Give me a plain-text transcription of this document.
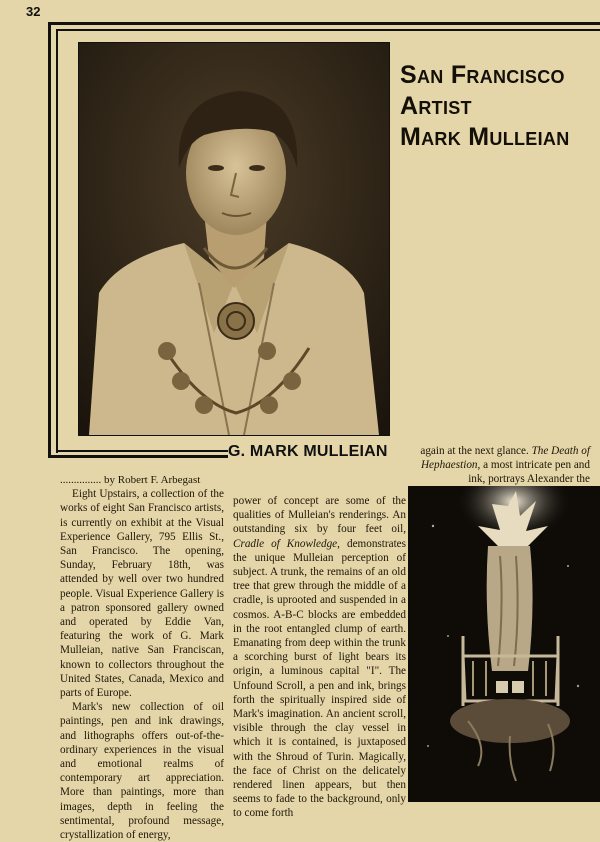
32
San Francisco
Artist
Mark Mulleian
G. MARK MULLEIAN

............... by Robert F. Arbegast

Eight Upstairs, a collection of the works of eight San Francisco artists, is currently on exhibit at the Visual Experience Gallery, 795 Ellis St., San Francisco. The opening, Sunday, February 18th, was attended by well over two hundred people. Visual Experience Gallery is a patron sponsored gallery owned and operated by Eddie Van, featuring the work of G. Mark Mulleian, native San Franciscan, known to collectors throughout the United States, Canada, Mexico and parts of Europe.

Mark's new collection of oil paintings, pen and ink drawings, and lithographs offers out-of-the-ordinary experiences in the visual and emotional realms of contemporary art appreciation. More than paintings, more than images, depth in feeling the sentimental, profound message, crystallization of energy,

power of concept are some of the qualities of Mulleian's renderings. An outstanding six by four feet oil, Cradle of Knowledge, demonstrates the unique Mulleian perception of subject. A trunk, the remains of an old tree that grew through the middle of a cradle, is uprooted and suspended in a cosmos. A-B-C blocks are embedded in the root entangled clump of earth. Emanating from deep within the trunk a scorching burst of light bears its origin, a luminous capital "I". The Unfound Scroll, a pen and ink, brings forth the spiritually inspired side of Mark's imagination. An ancient scroll, visible through the clay vessel in which it is contained, is juxtaposed with the Shroud of Turin. Magically, the face of Christ on the delicately rendered linen appears, but then seems to fade to the background, only to come forth

again at the next glance. The Death of Hephaestion, a most intricate pen and ink, portrays Alexander the
